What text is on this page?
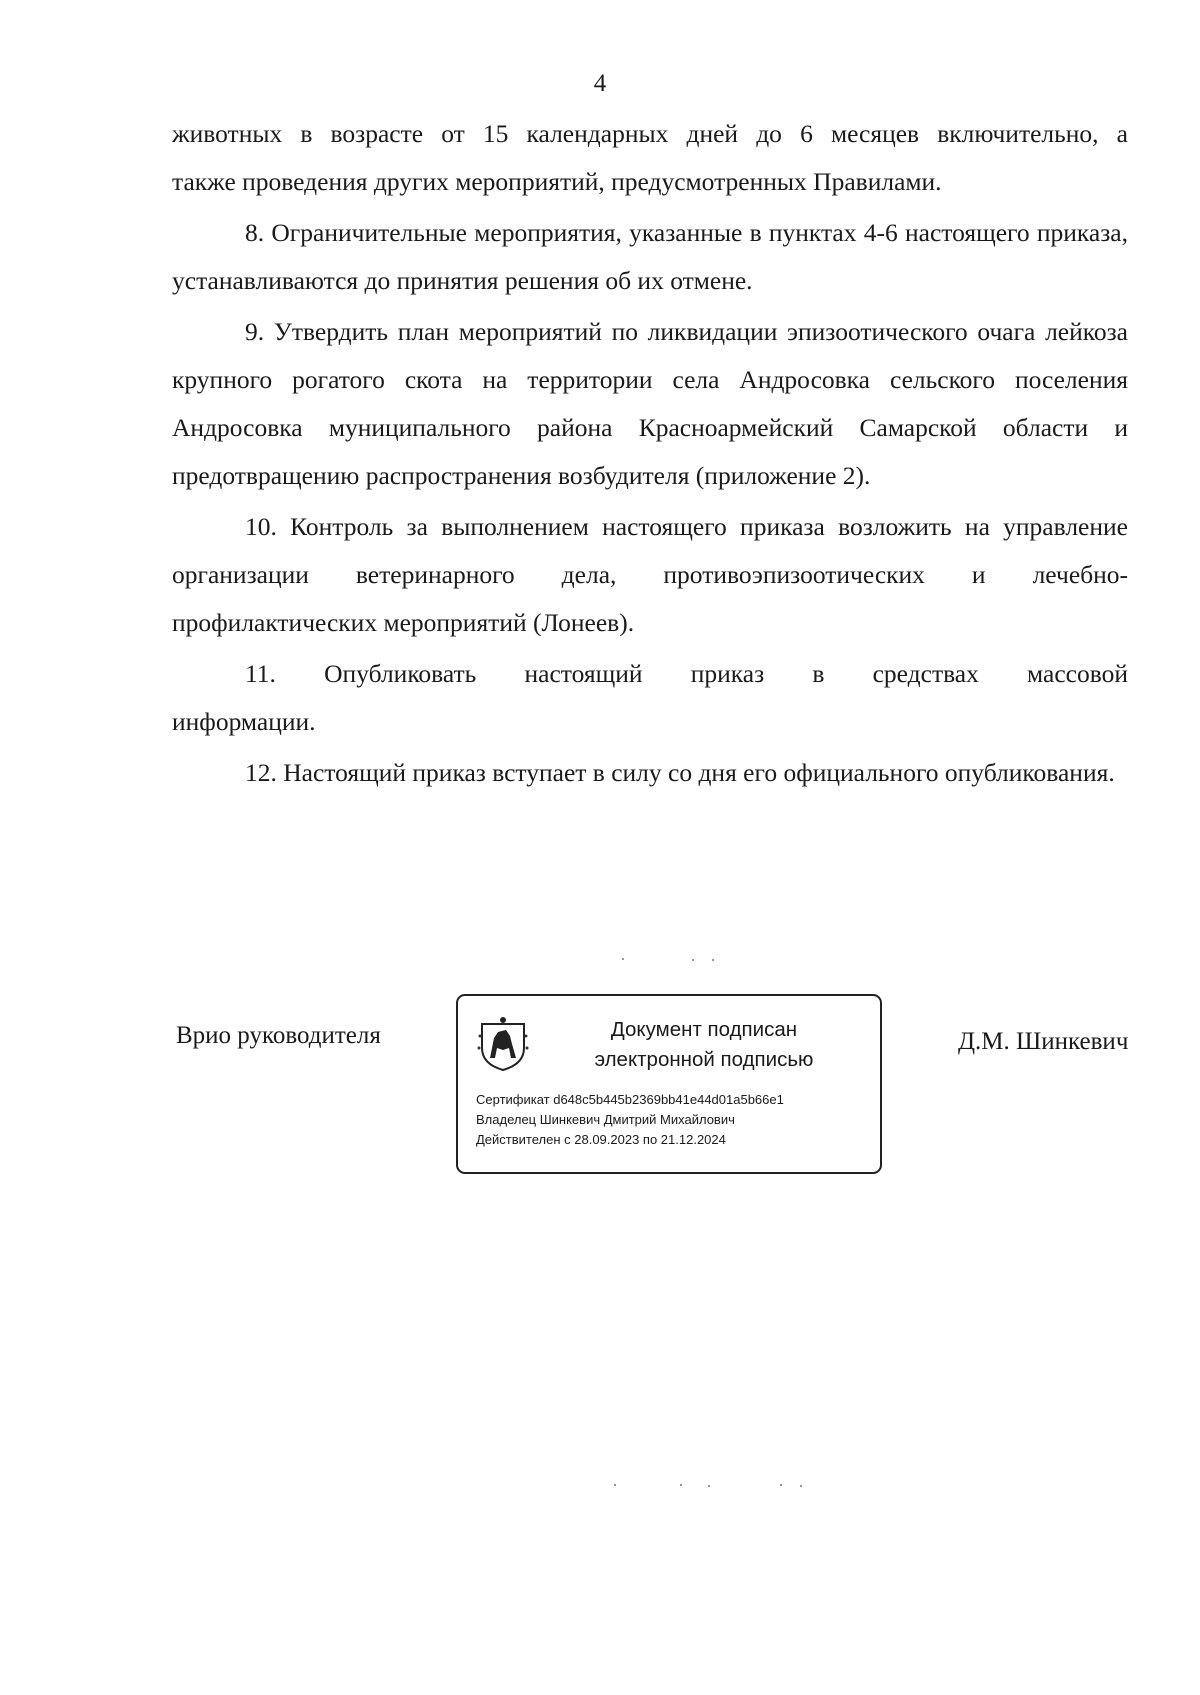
4

животных в возрасте от 15 календарных дней до 6 месяцев включительно, а

также проведения других мероприятий, предусмотренных Правилами.

8. Ограничительные мероприятия, указанные в пунктах 4-6 настоящего приказа, устанавливаются до принятия решения об их отмене.

9. Утвердить план мероприятий по ликвидации эпизоотического очага лейкоза крупного рогатого скота на территории села Андросовка сельского поселения Андросовка муниципального района Красноармейский Самарской области и предотвращению распространения возбудителя (приложение 2).

10. Контроль за выполнением настоящего приказа возложить на управление организации ветеринарного дела, противоэпизоотических и лечебно-профилактических мероприятий (Лонеев).

11. Опубликовать настоящий приказ в средствах массовой информации.

12. Настоящий приказ вступает в силу со дня его официального опубликования.

Врио руководителя	Документ подписан
электронной подписью
Сертификат d648c5b445b2369bb41e44d01a5b66e1
Владелец Шинкевич Дмитрий Михайлович
Действителен с 28.09.2023 по 21.12.2024
Д.М. Шинкевич
